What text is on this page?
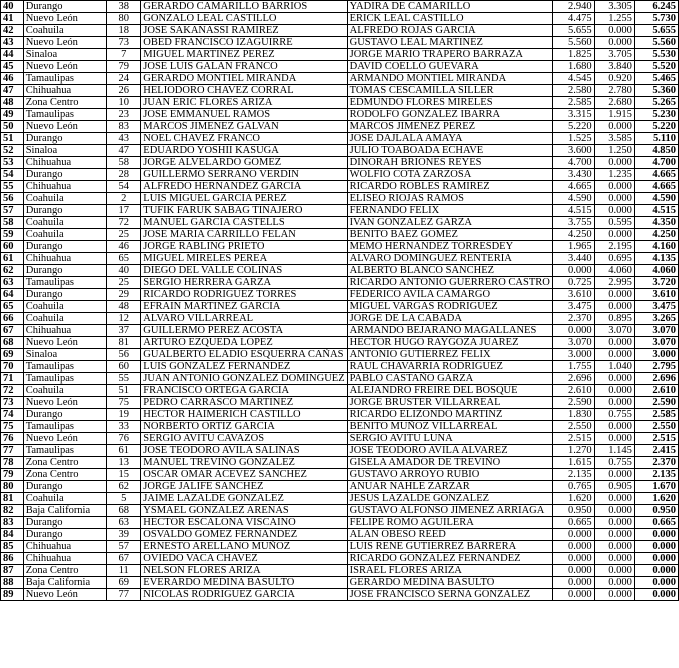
40	Durango	38	GERARDO CAMARILLO BARRIOS	YADIRA DE CAMARILLO	2.940	3.305	6.245
41	Nuevo León	80	GONZALO LEAL CASTILLO	ERICK LEAL CASTILLO	4.475	1.255	5.730
42	Coahuila	18	JOSE SAKANASSI RAMIREZ	ALFREDO ROJAS GARCIA	5.655	0.000	5.655
43	Nuevo León	73	OBED FRANCISCO IZAGUIRRE	GUSTAVO LEAL MARTINEZ	5.560	0.000	5.560
44	Sinaloa	7	MIGUEL MARTINEZ PEREZ	JORGE MARIO TRAPERO BARRAZA	1.825	3.705	5.530
45	Nuevo León	79	JOSE LUIS GALAN FRANCO	DAVID COELLO GUEVARA	1.680	3.840	5.520
46	Tamaulipas	24	GERARDO MONTIEL MIRANDA	ARMANDO MONTIEL MIRANDA	4.545	0.920	5.465
47	Chihuahua	26	HELIODORO CHAVEZ CORRAL	TOMAS CESCAMILLA SILLER	2.580	2.780	5.360
48	Zona Centro	10	JUAN ERIC FLORES ARIZA	EDMUNDO FLORES MIRELES	2.585	2.680	5.265
49	Tamaulipas	23	JOSE EMMANUEL RAMOS	RODOLFO GONZALEZ IBARRA	3.315	1.915	5.230
50	Nuevo León	83	MARCOS JIMENEZ GALVAN	MARCOS JIMENEZ PEREZ	5.220	0.000	5.220
51	Durango	43	NOEL CHAVEZ FRANCO	JOSE DAJLALA AMAYA	1.525	3.585	5.110
52	Sinaloa	47	EDUARDO YOSHII KASUGA	JULIO TOABOADA ECHAVE	3.600	1.250	4.850
53	Chihuahua	58	JORGE ALVELARDO GOMEZ	DINORAH BRIONES REYES	4.700	0.000	4.700
54	Durango	28	GUILLERMO SERRANO VERDIN	WOLFIO COTA ZARZOSA	3.430	1.235	4.665
55	Chihuahua	54	ALFREDO HERNANDEZ GARCIA	RICARDO ROBLES RAMIREZ	4.665	0.000	4.665
56	Coahuila	2	LUIS MIGUEL GARCIA PEREZ	ELISEO RIOJAS RAMOS	4.590	0.000	4.590
57	Durango	17	TUFIK FARUK SABAG TINAJERO	FERNANDO FELIX	4.515	0.000	4.515
58	Coahuila	72	MANUEL GARCIA CASTELLS	IVAN GONZALEZ GARZA	3.755	0.595	4.350
59	Coahuila	25	JOSE MARIA CARRILLO FELAN	BENITO BAEZ GOMEZ	4.250	0.000	4.250
60	Durango	46	JORGE RABLING PRIETO	MEMO HERNANDEZ TORRESDEY	1.965	2.195	4.160
61	Chihuahua	65	MIGUEL MIRELES PEREA	ALVARO DOMINGUEZ RENTERIA	3.440	0.695	4.135
62	Durango	40	DIEGO DEL VALLE COLINAS	ALBERTO BLANCO SANCHEZ	0.000	4.060	4.060
63	Tamaulipas	25	SERGIO HERRERA GARZA	RICARDO ANTONIO GUERRERO CASTRO	0.725	2.995	3.720
64	Durango	29	RICARDO RODRIGUEZ TORRES	FEDERICO AVILA CAMARGO	3.610	0.000	3.610
65	Coahuila	48	EFRAIN MARTINEZ GARCIA	MIGUEL VARGAS RODRIGUEZ	3.475	0.000	3.475
66	Coahuila	12	ALVARO VILLARREAL	JORGE DE LA CABADA	2.370	0.895	3.265
67	Chihuahua	37	GUILLERMO PEREZ ACOSTA	ARMANDO BEJARANO MAGALLANES	0.000	3.070	3.070
68	Nuevo León	81	ARTURO EZQUEDA LOPEZ	HECTOR HUGO RAYGOZA JUAREZ	3.070	0.000	3.070
69	Sinaloa	56	GUALBERTO ELADIO ESQUERRA CAÑAS	ANTONIO GUTIERREZ FELIX	3.000	0.000	3.000
70	Tamaulipas	60	LUIS GONZALEZ FERNANDEZ	RAUL CHAVARRIA RODRIGUEZ	1.755	1.040	2.795
71	Tamaulipas	55	JUAN ANTONIO GONZALEZ DOMINGUEZ	PABLO CASTAÑO GARZA	2.696	0.000	2.696
72	Coahuila	51	FRANCISCO ORTEGA GARCIA	ALEJANDRO FREIRE DEL BOSQUE	2.610	0.000	2.610
73	Nuevo León	75	PEDRO CARRASCO MARTINEZ	JORGE BRUSTER VILLARREAL	2.590	0.000	2.590
74	Durango	19	HECTOR HAIMERICH CASTILLO	RICARDO ELIZONDO MARTINZ	1.830	0.755	2.585
75	Tamaulipas	33	NORBERTO ORTIZ GARCIA	BENITO MUÑOZ VILLARREAL	2.550	0.000	2.550
76	Nuevo León	76	SERGIO AVITU CAVAZOS	SERGIO AVITU LUNA	2.515	0.000	2.515
77	Tamaulipas	61	JOSE TEODORO AVILA SALINAS	JOSE TEODORO AVILA ALVAREZ	1.270	1.145	2.415
78	Zona Centro	13	MANUEL TREVIÑO GONZALEZ	GISELA AMADOR DE TREVIÑO	1.615	0.755	2.370
79	Zona Centro	15	OSCAR OMAR ACEVEZ SANCHEZ	GUSTAVO ARROYO RUBIO	2.135	0.000	2.135
80	Durango	62	JORGE JALIFE SANCHEZ	ANUAR NAHLE ZARZAR	0.765	0.905	1.670
81	Coahuila	5	JAIME LAZALDE GONZALEZ	JESUS LAZALDE GONZALEZ	1.620	0.000	1.620
82	Baja California	68	YSMAEL GONZALEZ ARENAS	GUSTAVO ALFONSO JIMENEZ ARRIAGA	0.950	0.000	0.950
83	Durango	63	HECTOR ESCALONA VISCAINO	FELIPE ROMO AGUILERA	0.665	0.000	0.665
84	Durango	39	OSVALDO GOMEZ FERNANDEZ	ALAN OBESO REED	0.000	0.000	0.000
85	Chihuahua	57	ERNESTO ARELLANO MUÑOZ	LUIS RENE GUTIERREZ BARRERA	0.000	0.000	0.000
86	Chihuahua	67	OVIEDO VACA CHAVEZ	RICARDO GONZALEZ FERNANDEZ	0.000	0.000	0.000
87	Zona Centro	11	NELSON FLORES ARIZA	ISRAEL FLORES ARIZA	0.000	0.000	0.000
88	Baja California	69	EVERARDO MEDINA BASULTO	GERARDO MEDINA BASULTO	0.000	0.000	0.000
89	Nuevo León	77	NICOLAS RODRIGUEZ GARCIA	JOSE FRANCISCO SERNA GONZALEZ	0.000	0.000	0.000
